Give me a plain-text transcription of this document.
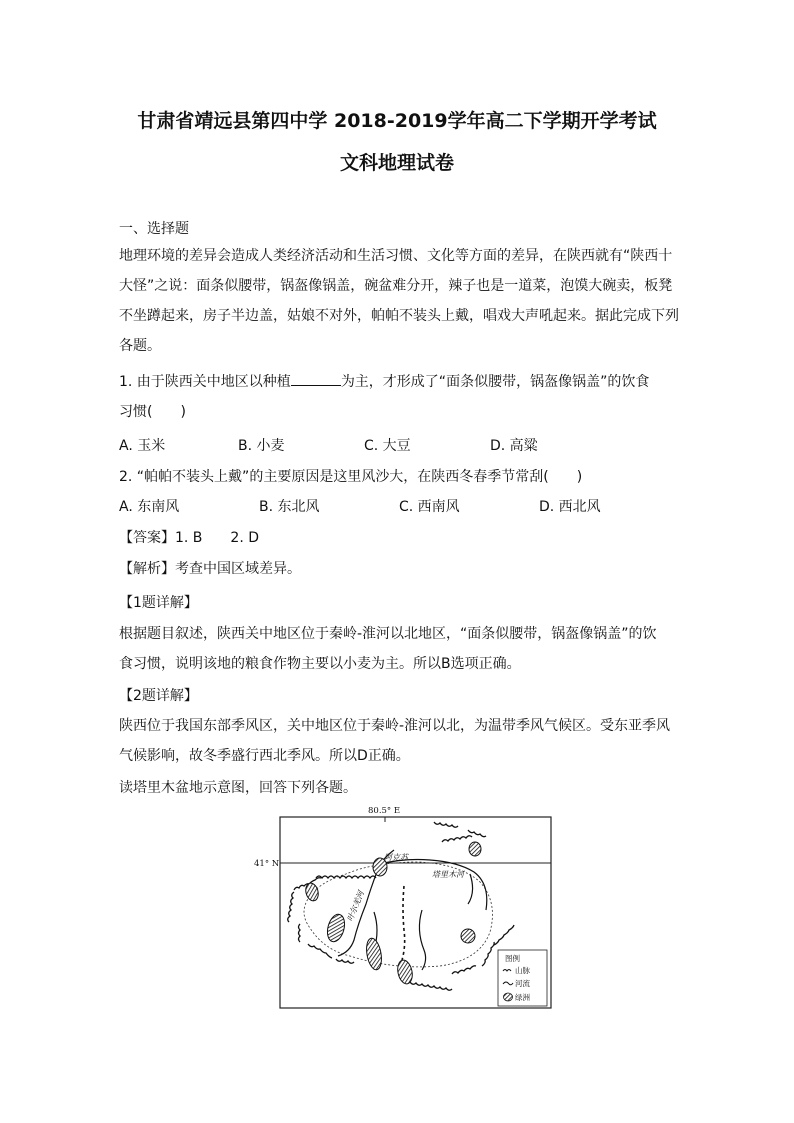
甘肃省靖远县第四中学 2018-2019学年高二下学期开学考试
文科地理试卷
一、选择题
地理环境的差异会造成人类经济活动和生活习惯、文化等方面的差异，在陕西就有“陕西十
大怪”之说：面条似腰带，锅盔像锅盖，碗盆难分开，辣子也是一道菜，泡馍大碗卖，板凳
不坐蹲起来，房子半边盖，姑娘不对外，帕帕不装头上戴，唱戏大声吼起来。据此完成下列
各题。
1. 由于陕西关中地区以种植	为主，才形成了“面条似腰带，锅盔像锅盖”的饮食
习惯(　　)
A. 玉米	B. 小麦	C. 大豆	D. 高粱
2. “帕帕不装头上戴”的主要原因是这里风沙大，在陕西冬春季节常刮(　　)
A. 东南风	B. 东北风	C. 西南风	D. 西北风
【答案】1. B　　2. D
【解析】考查中国区域差异。
【1题详解】
根据题目叙述，陕西关中地区位于秦岭-淮河以北地区，“面条似腰带，锅盔像锅盖”的饮
食习惯，说明该地的粮食作物主要以小麦为主。所以B选项正确。
【2题详解】
陕西位于我国东部季风区，关中地区位于秦岭-淮河以北，为温带季风气候区。受东亚季风
气候影响，故冬季盛行西北季风。所以D正确。
读塔里木盆地示意图，回答下列各题。
80.5° E
41° N
阿克苏
塔里木河
叶尔羌河
图例
山脉
河流
绿洲
